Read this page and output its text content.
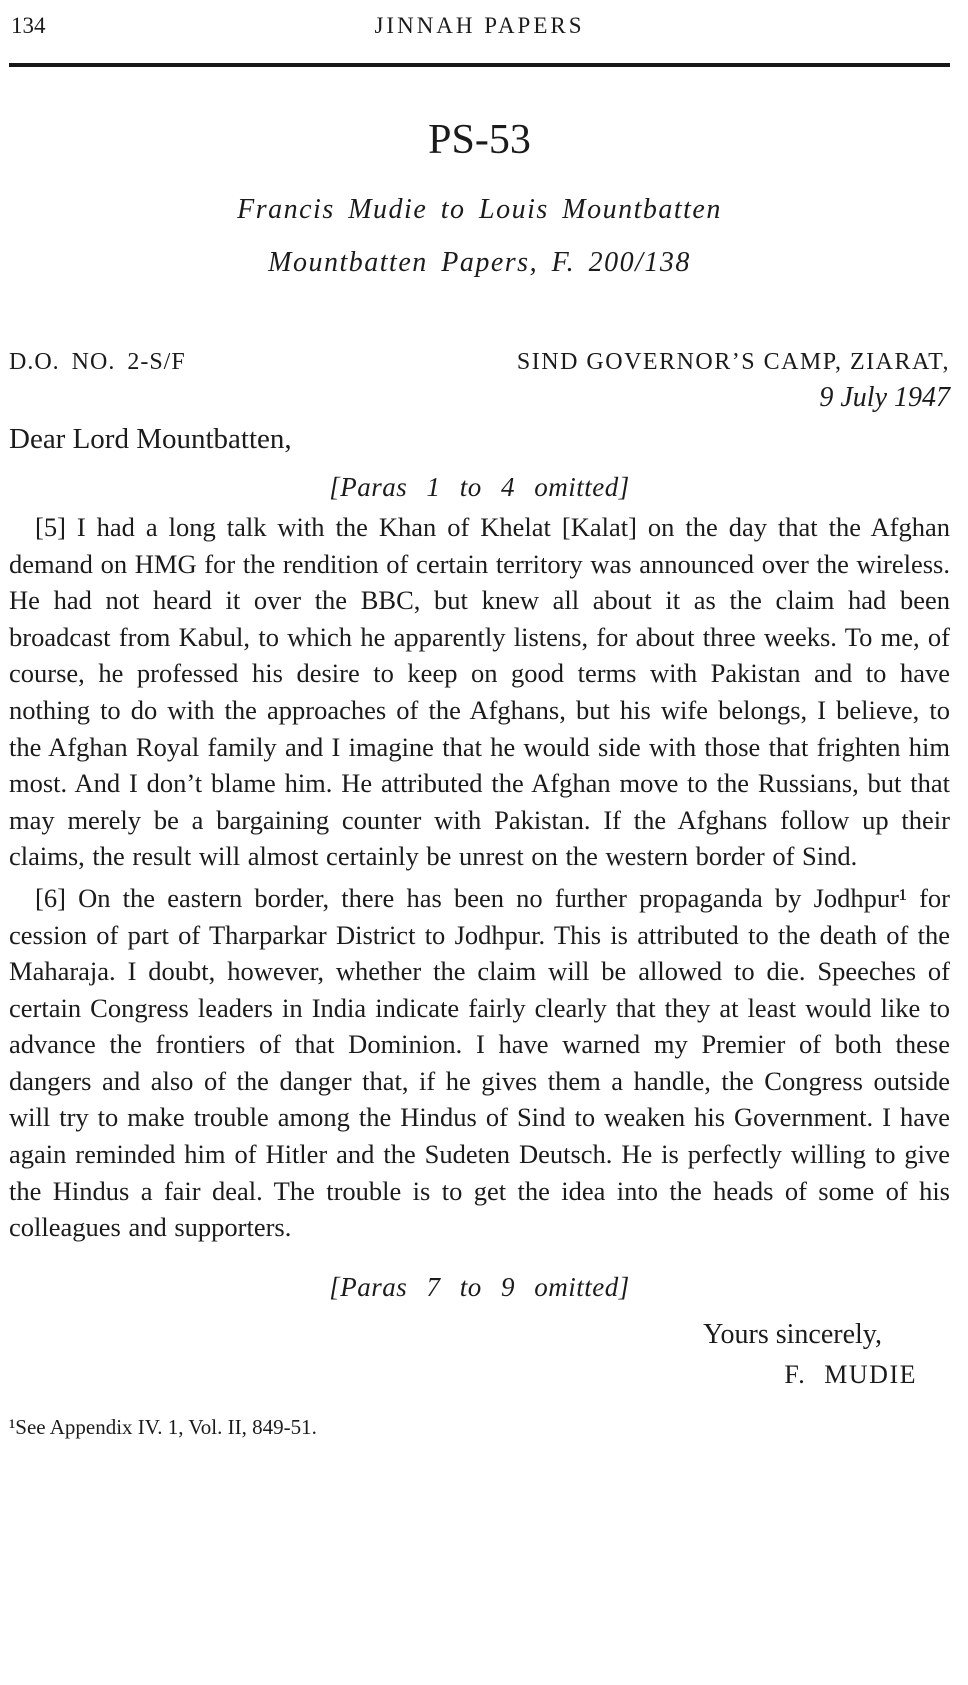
134	JINNAH PAPERS
PS-53
Francis Mudie to Louis Mountbatten
Mountbatten Papers, F. 200/138
D.O. NO. 2-S/F	SIND GOVERNOR’S CAMP, ZIARAT,
9 July 1947
Dear Lord Mountbatten,
[Paras 1 to 4 omitted]

[5] I had a long talk with the Khan of Khelat [Kalat] on the day that the Afghan demand on HMG for the rendition of certain territory was announced over the wireless. He had not heard it over the BBC, but knew all about it as the claim had been broadcast from Kabul, to which he apparently listens, for about three weeks. To me, of course, he professed his desire to keep on good terms with Pakistan and to have nothing to do with the approaches of the Afghans, but his wife belongs, I believe, to the Afghan Royal family and I imagine that he would side with those that frighten him most. And I don’t blame him. He attributed the Afghan move to the Russians, but that may merely be a bargaining counter with Pakistan. If the Afghans follow up their claims, the result will almost certainly be unrest on the western border of Sind.

[6] On the eastern border, there has been no further propaganda by Jodhpur¹ for cession of part of Tharparkar District to Jodhpur. This is attributed to the death of the Maharaja. I doubt, however, whether the claim will be allowed to die. Speeches of certain Congress leaders in India indicate fairly clearly that they at least would like to advance the frontiers of that Dominion. I have warned my Premier of both these dangers and also of the danger that, if he gives them a handle, the Congress outside will try to make trouble among the Hindus of Sind to weaken his Government. I have again reminded him of Hitler and the Sudeten Deutsch. He is perfectly willing to give the Hindus a fair deal. The trouble is to get the idea into the heads of some of his colleagues and supporters.

[Paras 7 to 9 omitted]
Yours sincerely,
F. MUDIE
¹See Appendix IV. 1, Vol. II, 849-51.
